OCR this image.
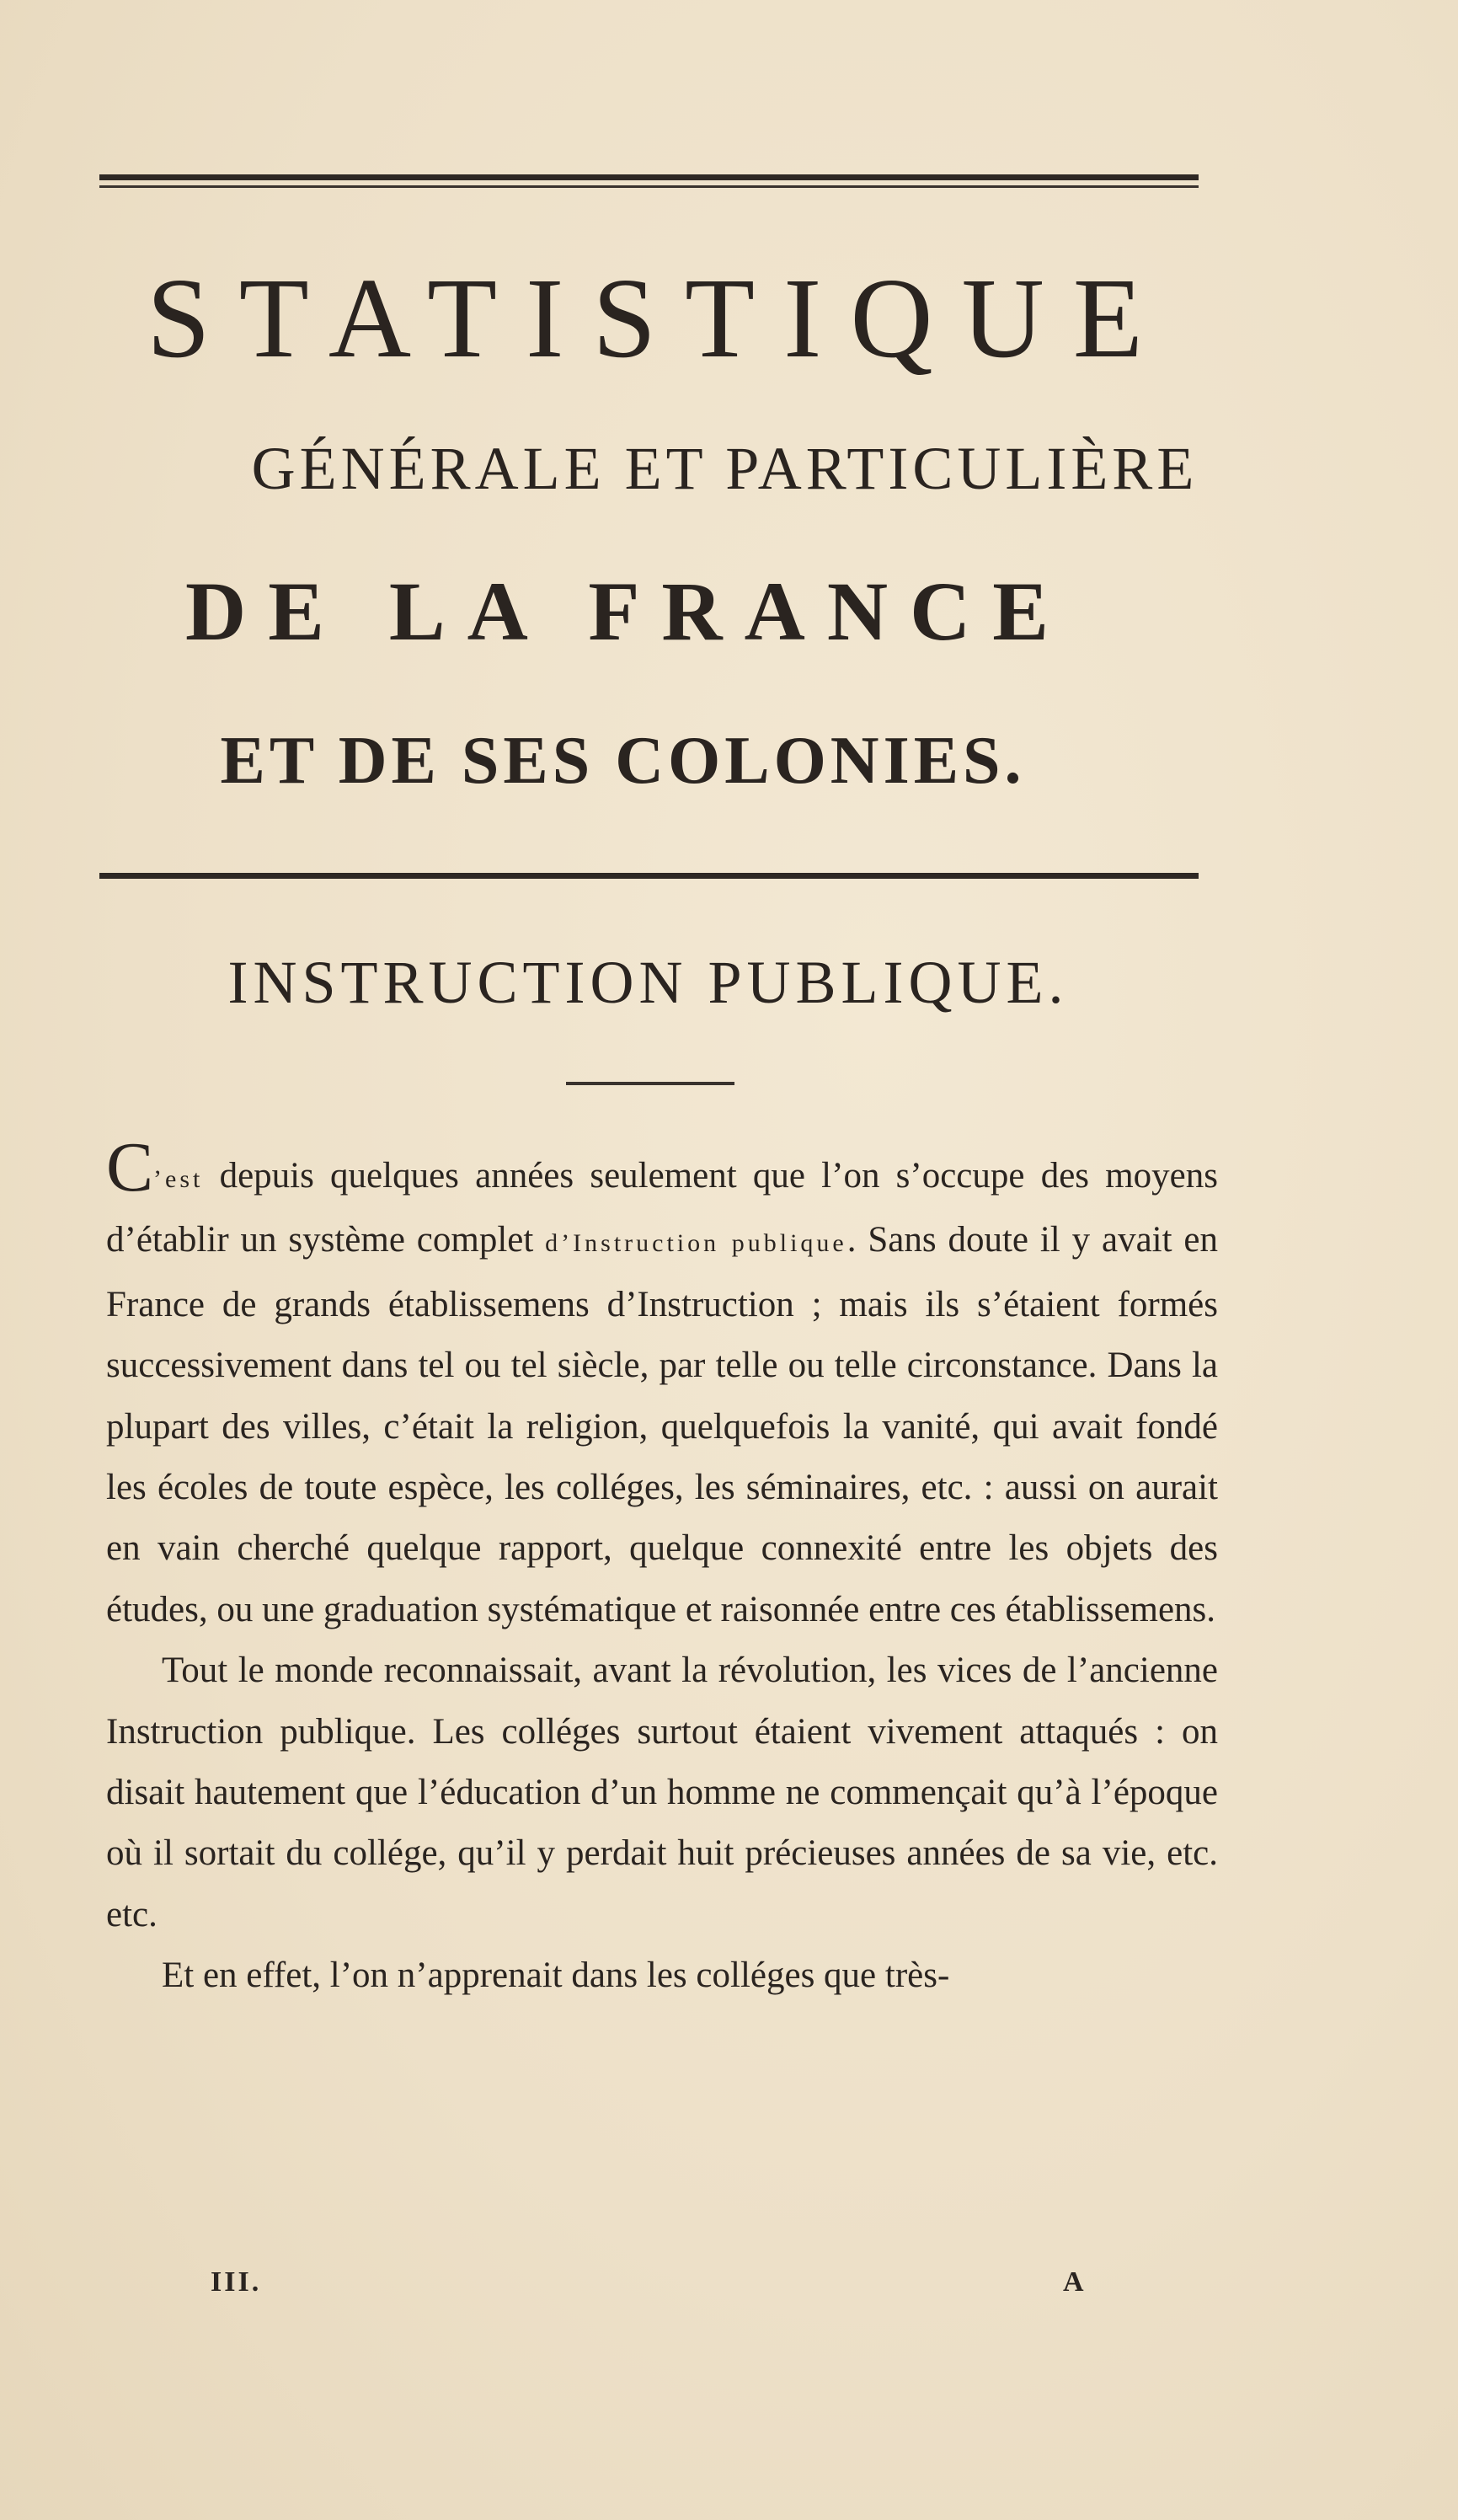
STATISTIQUE
GÉNÉRALE ET PARTICULIÈRE
DE LA FRANCE
ET DE SES COLONIES.
INSTRUCTION PUBLIQUE.

C’est depuis quelques années seulement que l’on s’occupe des moyens d’établir un système complet d’Instruction publique. Sans doute il y avait en France de grands établissemens d’Instruction ; mais ils s’étaient formés successivement dans tel ou tel siècle, par telle ou telle circonstance. Dans la plupart des villes, c’était la religion, quelquefois la vanité, qui avait fondé les écoles de toute espèce, les colléges, les séminaires, etc. : aussi on aurait en vain cherché quelque rapport, quelque connexité entre les objets des études, ou une graduation systématique et raisonnée entre ces établissemens.

Tout le monde reconnaissait, avant la révolution, les vices de l’ancienne Instruction publique. Les colléges surtout étaient vivement attaqués : on disait hautement que l’éducation d’un homme ne commençait qu’à l’époque où il sortait du collége, qu’il y perdait huit précieuses années de sa vie, etc. etc.

Et en effet, l’on n’apprenait dans les colléges que très-

III.	A
